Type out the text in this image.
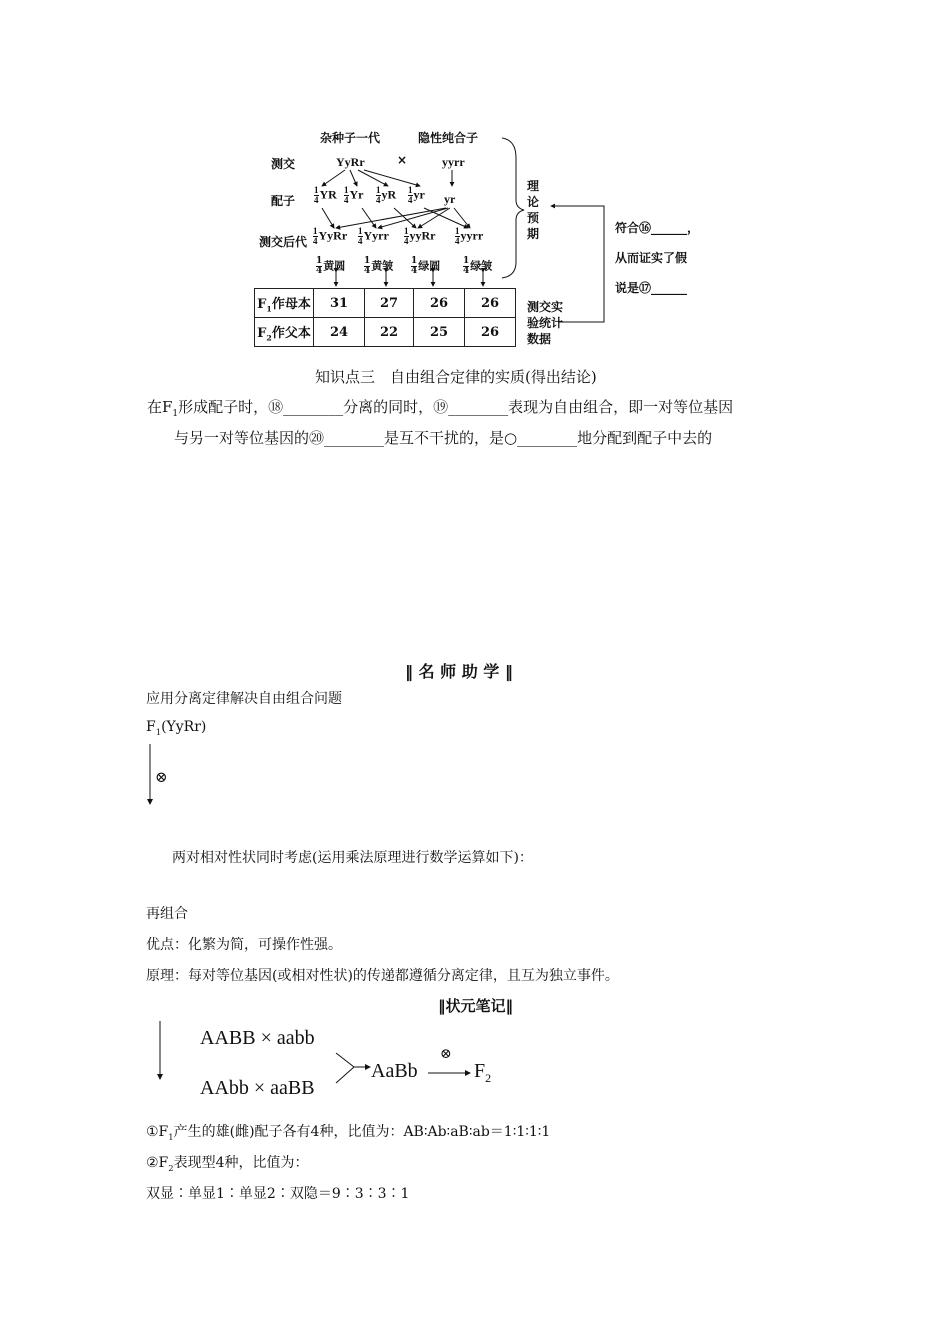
杂种子一代	隐性纯合子
测交	YyRr	×	yyrr
配子 $\frac{1}{4}$ YR $\frac{1}{4}$ Yr $\frac{1}{4}$ yR $\frac{1}{4}$ yr yr
测交后代 $\frac{1}{4}$ YyRr $\frac{1}{4}$ Yyrr $\frac{1}{4}$ yyRr $\frac{1}{4}$ yyrr
$\frac{1}{4}$ 黄圆 $\frac{1}{4}$ 黄皱 $\frac{1}{4}$ 绿圆	$\frac{1}{4}$ 绿皱
理
论
预
期	符合⑯______，
从而证实了假
说是⑰______
测交实
验统计
数据
$F_1$作母本	31	27	26	26
$F_2$作父本	24	22	25	26
知识点三　自由组合定律的实质(得出结论)
在$F_1$形成配子时，⑱________分离的同时，⑲________表现为自由组合，即一对等位基因
与另一对等位基因的⑳________是互不干扰的，是○________地分配到配子中去的
‖ 名 师 助 学 ‖
应用分离定律解决自由组合问题
$F_1(YyRr)$
⊗
两对相对性状同时考虑(运用乘法原理进行数学运算如下)：
再组合
优点：化繁为简，可操作性强。
原理：每对等位基因(或相对性状)的传递都遵循分离定律，且互为独立事件。
‖状元笔记‖
AABB × aabb
AAbb × aaBB
AaBb
⊗
$F_2$
$①F_1$产生的雄(雌)配子各有4种，比值为：AB∶Ab∶aB∶ab＝1∶1∶1∶1
$②F_2$表现型4种，比值为：
双显∶单显1∶单显2∶双隐＝9∶3∶3∶1
